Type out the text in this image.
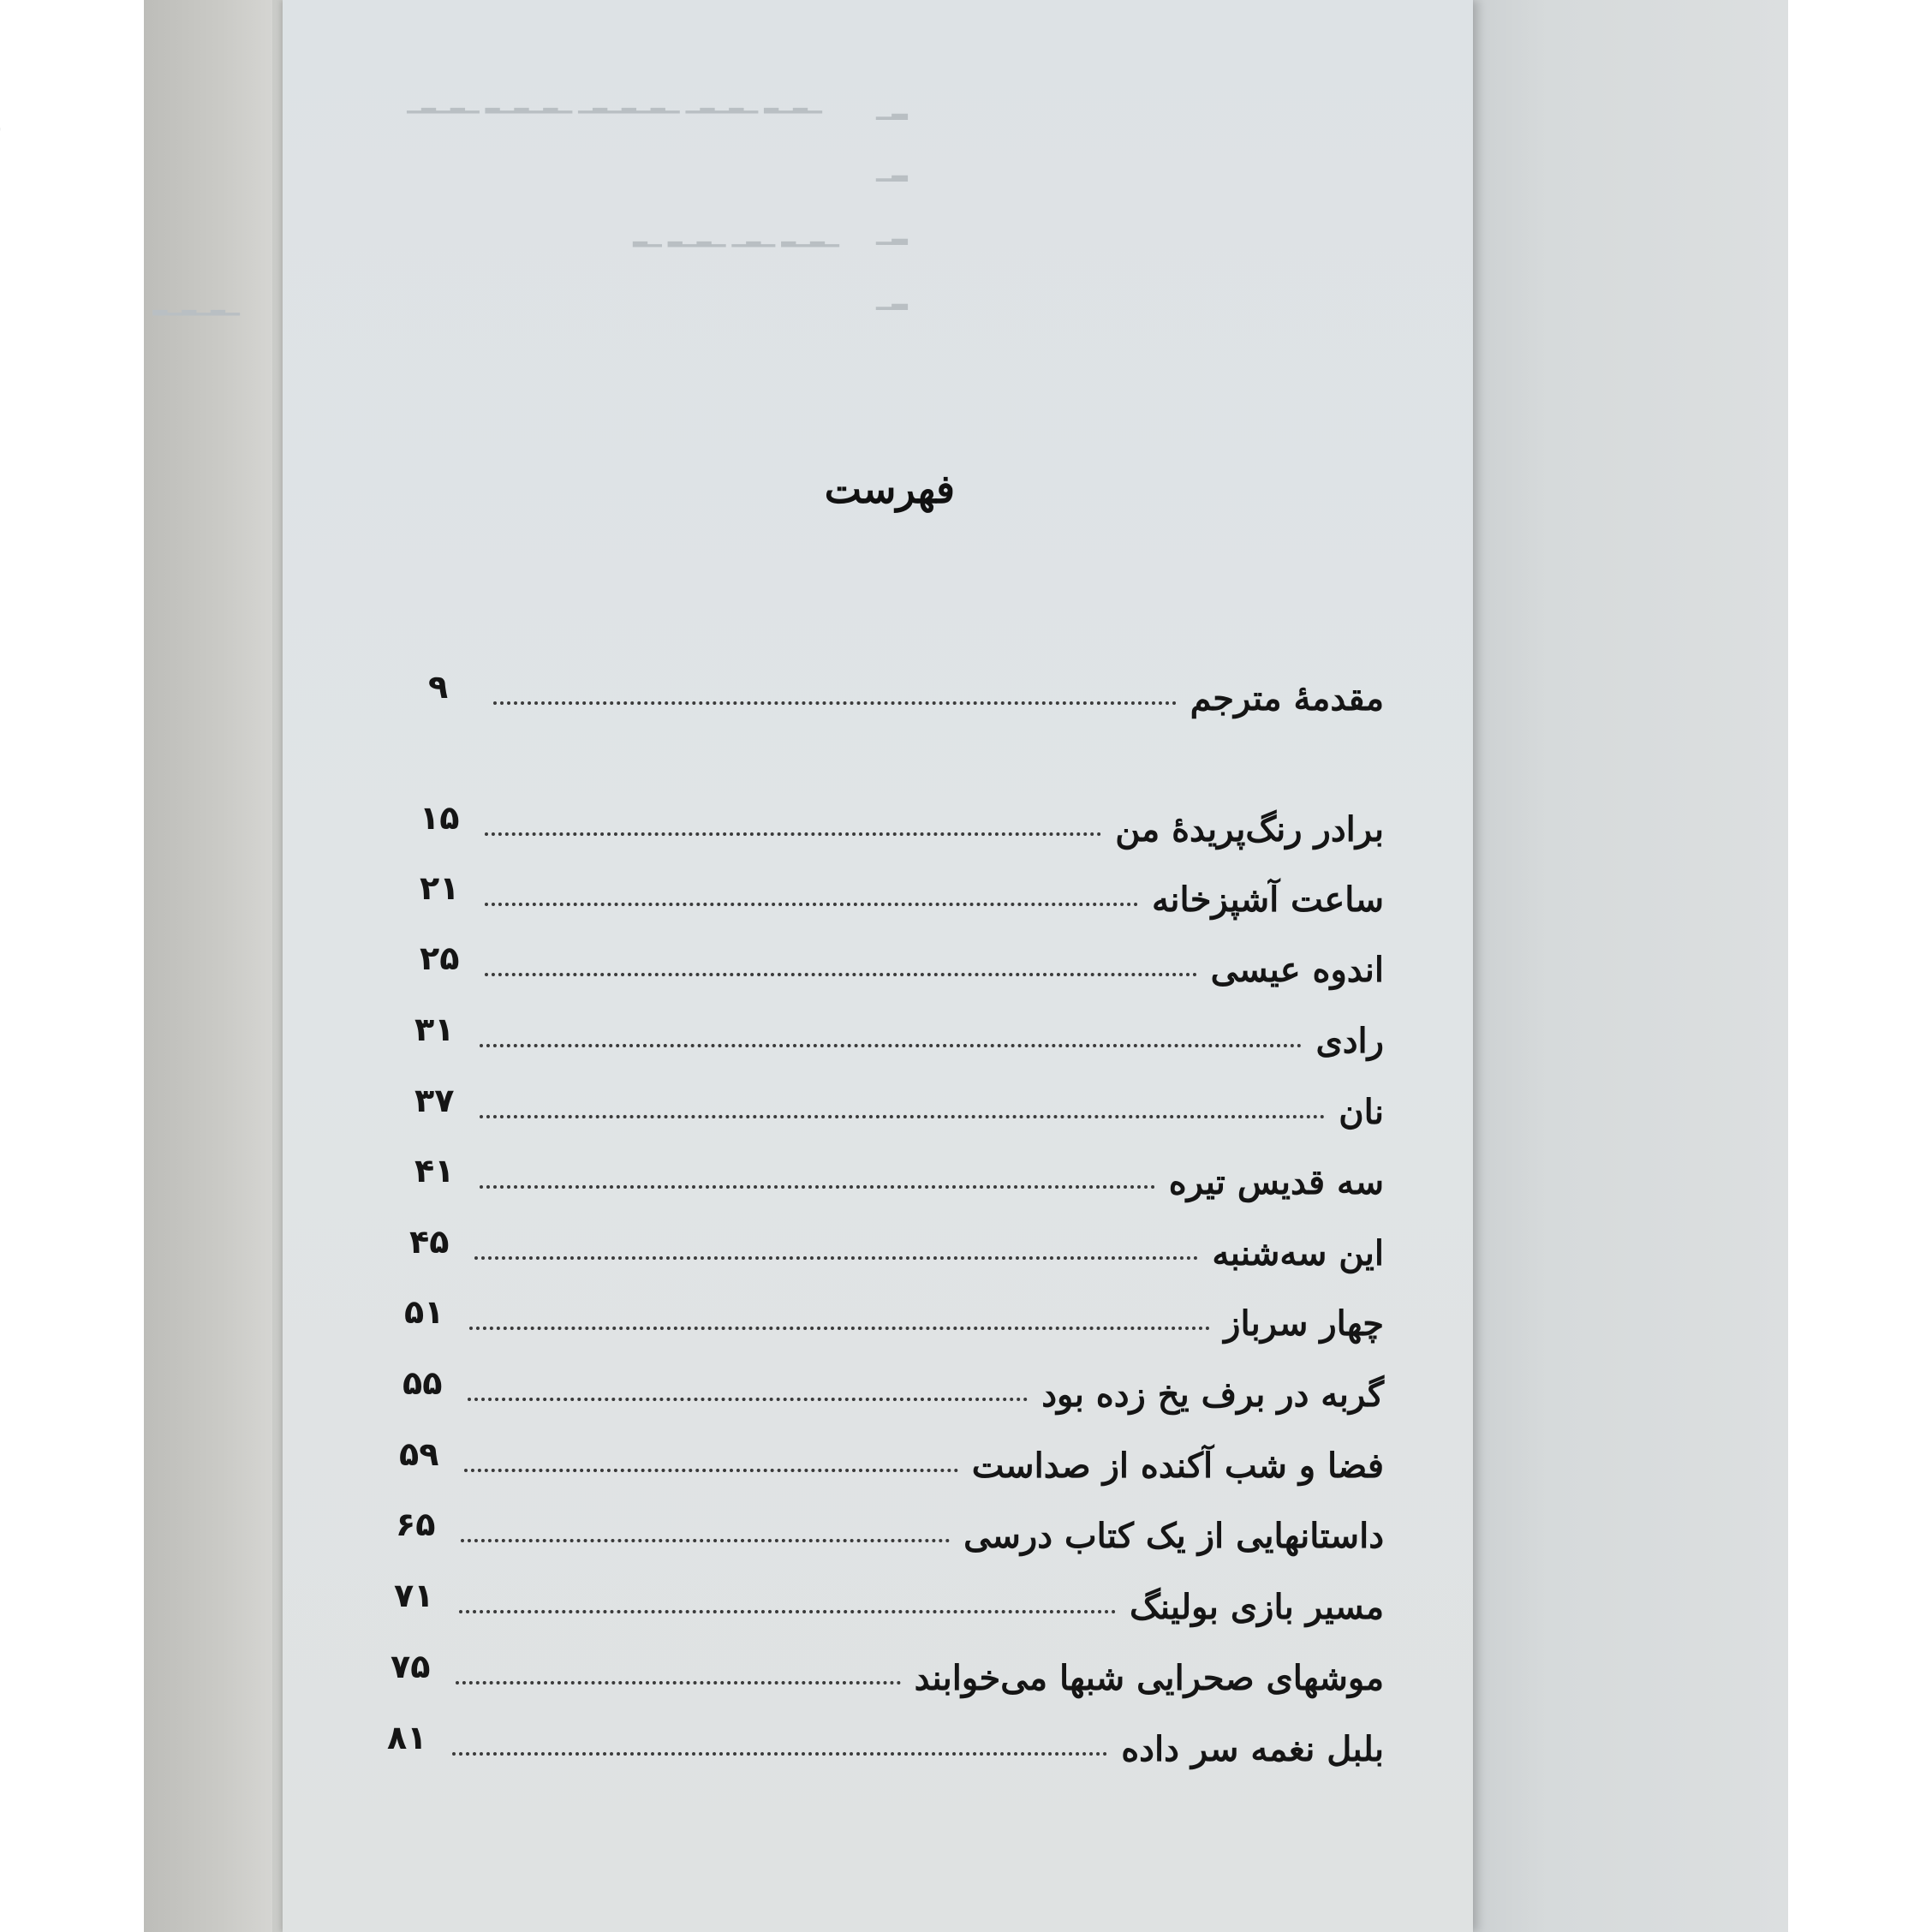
▁▂▁▂ ▁▂▁▂▁ ▁▂▁▂▁▂▁ ▁▂▁▂▁▂ ▁▂▁▂▁
▁▂▁▂ ▁▂▁ ▁▂▁▂ ▁▂
▁▂▁▂▁▂
▁▂
▁▂
▁▂
▁▂
فهرست
مقدمهٔ مترجم
۹
برادر رنگ‌پریدهٔ من
۱۵
ساعت آشپزخانه
۲۱
اندوه عیسی
۲۵
رادی
۳۱
نان
۳۷
سه قدیس تیره
۴۱
این سه‌شنبه
۴۵
چهار سرباز
۵۱
گربه در برف یخ زده بود
۵۵
فضا و شب آکنده از صداست
۵۹
داستانهایی از یک کتاب درسی
۶۵
مسیر بازی بولینگ
۷۱
موشهای صحرایی شبها می‌خوابند
۷۵
بلبل نغمه سر داده
۸۱
